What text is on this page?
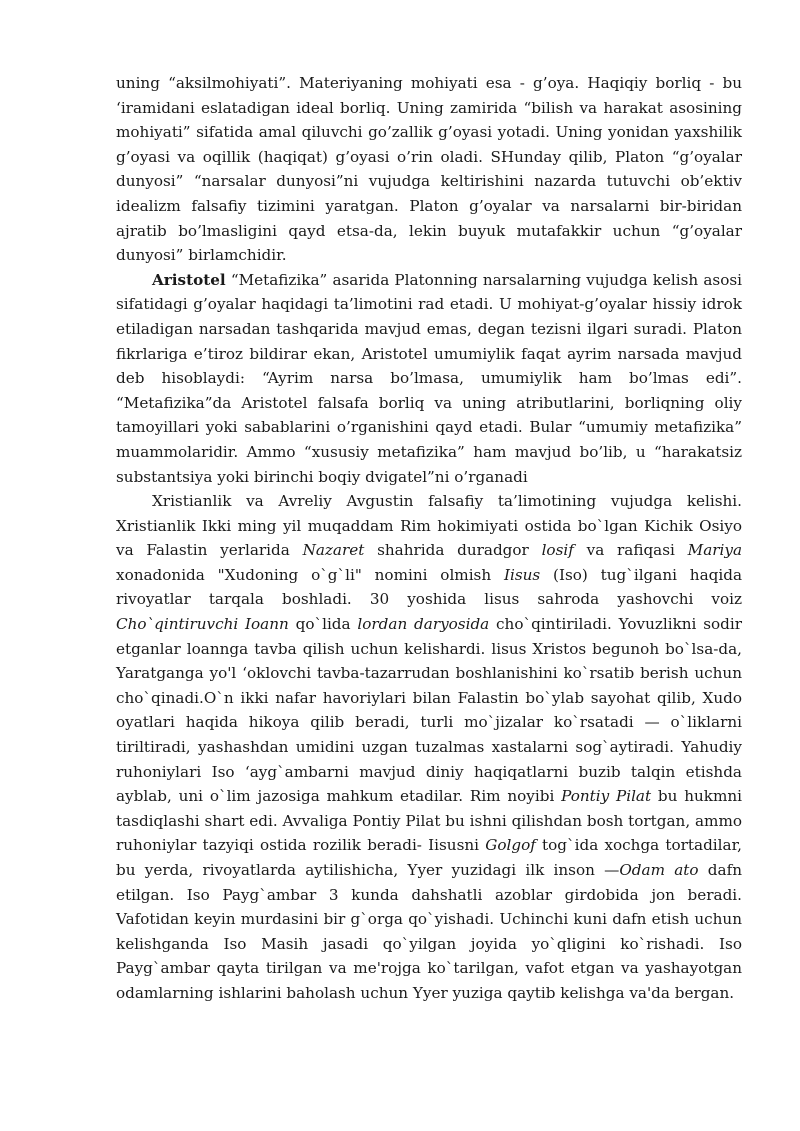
uning “aksilmohiyati”. Materiyaning mohiyati esa - g’oya. Haqiqiy borliq - bu ‘iramidani eslatadigan ideal borliq. Uning zamirida “bilish va harakat asosining mohiyati” sifatida amal qiluvchi go’zallik g’oyasi yotadi. Uning yonidan yaxshilik g’oyasi va oqillik (haqiqat) g’oyasi o’rin oladi. SHunday qilib, Platon “g’oyalar dunyosi” “narsalar dunyosi”ni vujudga keltirishini nazarda tutuvchi ob’ektiv idealizm falsafiy tizimini yaratgan. Platon g’oyalar va narsalarni bir-biridan ajratib bo’lmasligini qayd etsa-da, lekin buyuk mutafakkir uchun “g’oyalar dunyosi” birlamchidir.

Aristotel “Metafizika” asarida Platonning narsalarning vujudga kelish asosi sifatidagi g’oyalar haqidagi ta’limotini rad etadi. U mohiyat-g’oyalar hissiy idrok etiladigan narsadan tashqarida mavjud emas, degan tezisni ilgari suradi. Platon fikrlariga e’tiroz bildirar ekan, Aristotel umumiylik faqat ayrim narsada mavjud deb hisoblaydi: “Ayrim narsa bo’lmasa, umumiylik ham bo’lmas edi”. “Metafizika”da Aristotel falsafa borliq va uning atributlarini, borliqning oliy tamoyillari yoki sabablarini o’rganishini qayd etadi. Bular “umumiy metafizika” muammolaridir. Ammo “xususiy metafizika” ham mavjud bo’lib, u “harakatsiz substantsiya yoki birinchi boqiy dvigatel”ni o’rganadi

Xristianlik va Avreliy Avgustin falsafiy ta’limotining vujudga kelishi. Xristianlik Ikki ming yil muqaddam Rim hokimiyati ostida bo`lgan Kichik Osiyo va Falastin yerlarida Nazaret shahrida duradgor losif va rafiqasi Mariya xonadonida "Xudoning o`g`li" nomini olmish Iisus (Iso) tug`ilgani haqida rivoyatlar tarqala boshladi. 30 yoshida lisus sahroda yashovchi voiz Cho`qintiruvchi Ioann qo`lida lordan daryosida cho`qintiriladi. Yovuzlikni sodir etganlar loannga tavba qilish uchun kelishardi. lisus Xristos begunoh bo`lsa-da, Yaratganga yo'l ‘oklovchi tavba-tazarrudan boshlanishini ko`rsatib berish uchun cho`qinadi.O`n ikki nafar havoriylari bilan Falastin bo`ylab sayohat qilib, Xudo oyatlari haqida hikoya qilib beradi, turli mo`jizalar ko`rsatadi — o`liklarni tiriltiradi, yashashdan umidini uzgan tuzalmas xastalarni sog`aytiradi. Yahudiy ruhoniylari Iso ‘ayg`ambarni mavjud diniy haqiqatlarni buzib talqin etishda ayblab, uni o`lim jazosiga mahkum etadilar. Rim noyibi Pontiy Pilat bu hukmni tasdiqlashi shart edi. Avvaliga Pontiy Pilat bu ishni qilishdan bosh tortgan, ammo ruhoniylar tazyiqi ostida rozilik beradi- Iisusni Golgof tog`ida xochga tortadilar, bu yerda, rivoyatlarda aytilishicha, Yyer yuzidagi ilk inson —Odam ato dafn etilgan. Iso Payg`ambar 3 kunda dahshatli azoblar girdobida jon beradi. Vafotidan keyin murdasini bir g`orga qo`yishadi. Uchinchi kuni dafn etish uchun kelishganda Iso Masih jasadi qo`yilgan joyida yo`qligini ko`rishadi. Iso Payg`ambar qayta tirilgan va me'rojga ko`tarilgan, vafot etgan va yashayotgan odamlarning ishlarini baholash uchun Yyer yuziga qaytib kelishga va'da bergan.
